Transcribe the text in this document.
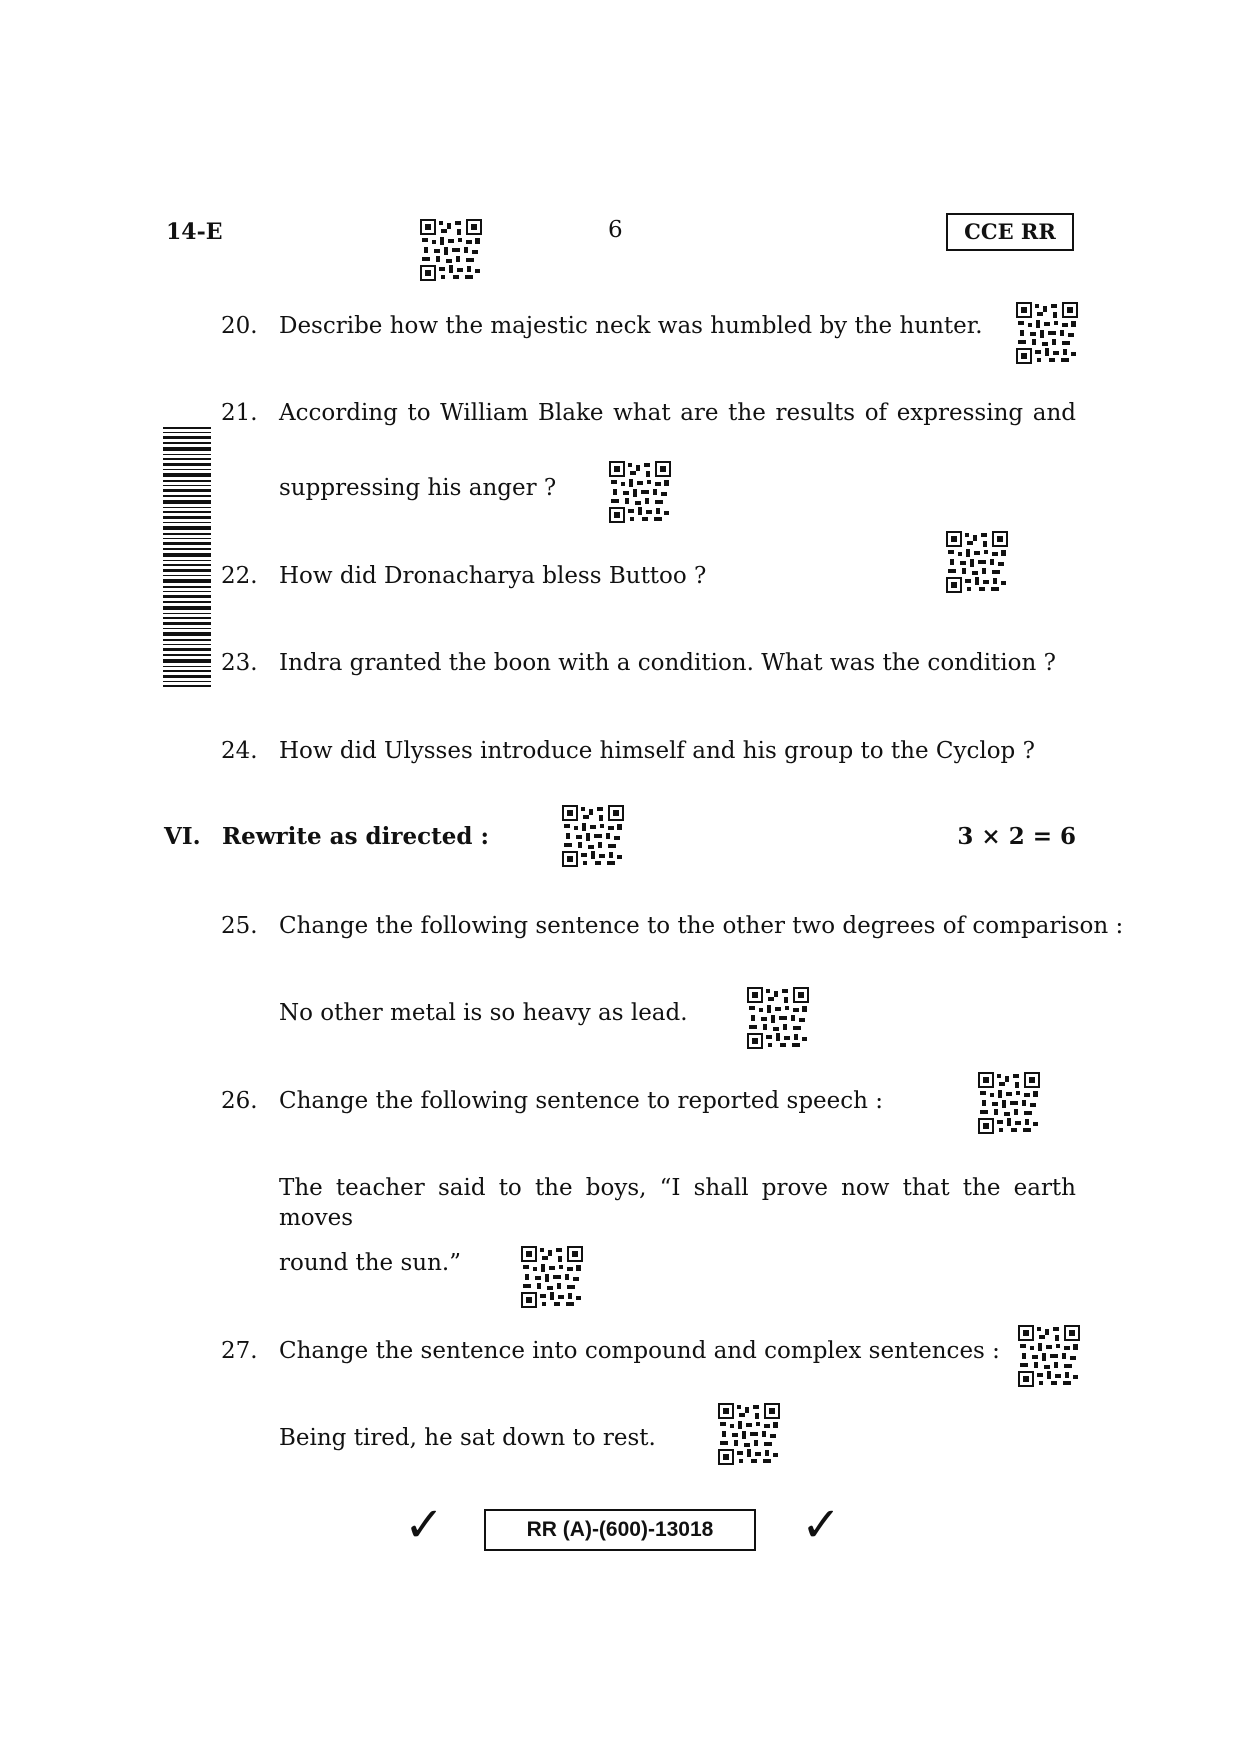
14-E	6	CCE RR
20. Describe how the majestic neck was humbled by the hunter.
21. According to William Blake what are the results of expressing and
suppressing his anger ?
22. How did Dronacharya bless Buttoo ?
23. Indra granted the boon with a condition. What was the condition ?
24. How did Ulysses introduce himself and his group to the Cyclop ?
VI. Rewrite as directed :	3 × 2 = 6
25. Change the following sentence to the other two degrees of comparison :
No other metal is so heavy as lead.
26. Change the following sentence to reported speech :
The teacher said to the boys, “I shall prove now that the earth moves
round the sun.”
27. Change the sentence into compound and complex sentences :
Being tired, he sat down to rest.
✓	RR (A)-(600)-13018	✓
